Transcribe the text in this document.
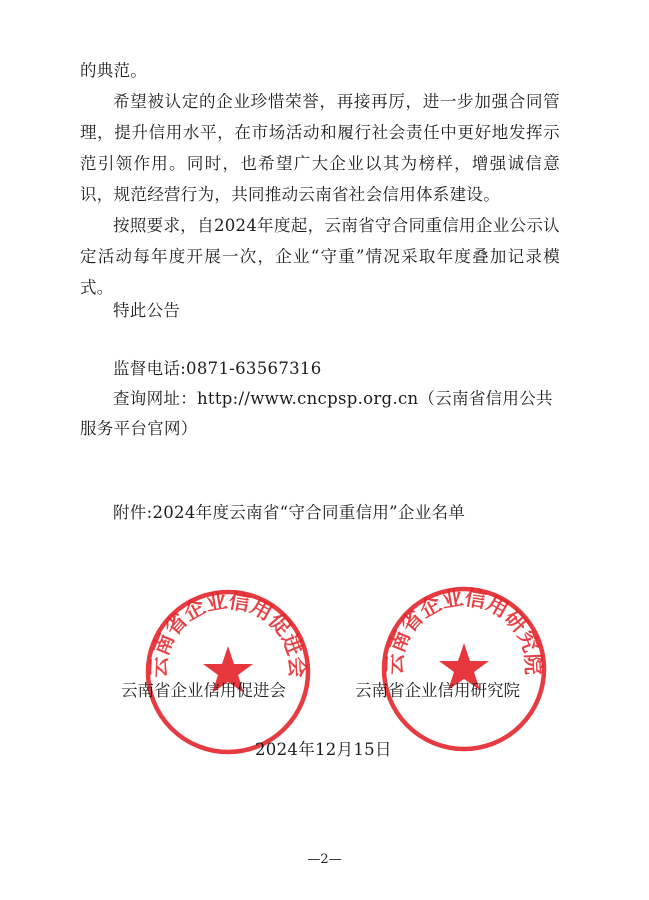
的典范。

希望被认定的企业珍惜荣誉，再接再厉，进一步加强合同管理，提升信用水平，在市场活动和履行社会责任中更好地发挥示范引领作用。同时，也希望广大企业以其为榜样，增强诚信意识，规范经营行为，共同推动云南省社会信用体系建设。

按照要求，自2024年度起，云南省守合同重信用企业公示认定活动每年度开展一次，企业“守重”情况采取年度叠加记录模式。

特此公告

监督电话:0871-63567316

查询网址：http://www.cncpsp.org.cn（云南省信用公共

服务平台官网）

附件:2024年度云南省“守合同重信用”企业名单

云南省企业信用促进会	云南省企业信用研究院

云南省企业信用促进会	云南省企业信用研究院

2024年12月15日

—2—
